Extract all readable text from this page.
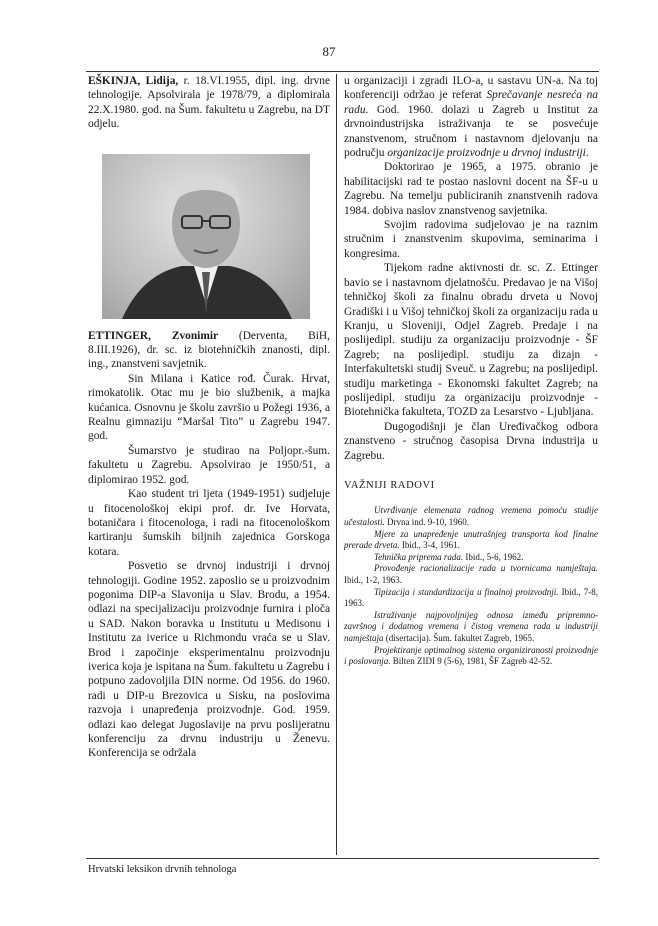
87

EŠKINJA, Lidija, r. 18.VI.1955, dipl. ing. drvne tehnologije. Apsolvirala je 1978/79, a diplomirala 22.X.1980. god. na Šum. fakultetu u Zagrebu, na DT odjelu.

ETTINGER, Zvonimir (Derventa, BiH, 8.III.1926), dr. sc. iz biotehničkih znanosti, dipl. ing., znanstveni savjetnik.

Sin Milana i Katice rođ. Čurak. Hrvat, rimokatolik. Otac mu je bio službenik, a majka kućanica. Osnovnu je školu završio u Požegi 1936, a Realnu gimnaziju “Maršal Tito” u Zagrebu 1947. god.

Šumarstvo je studirao na Poljopr.-šum. fakultetu u Zagrebu. Apsolvirao je 1950/51, a diplomirao 1952. god.

Kao student tri ljeta (1949-1951) sudjeluje u fitocenološkoj ekipi prof. dr. Ive Horvata, botaničara i fitocenologa, i radi na fitocenološkom kartiranju šumskih biljnih zajednica Gorskoga kotara.

Posvetio se drvnoj industriji i drvnoj tehnologiji. Godine 1952. zaposlio se u proizvodnim pogonima DIP-a Slavonija u Slav. Brodu, a 1954. odlazi na specijalizaciju proizvodnje furnira i ploča u SAD. Nakon boravka u Institutu u Medisonu i Institutu za iverice u Richmondu vraća se u Slav. Brod i započinje eksperimentalnu proizvodnju iverica koja je ispitana na Šum. fakultetu u Zagrebu i potpuno zadovoljila DIN norme. Od 1956. do 1960. radi u DIP-u Brezovica u Sisku, na poslovima razvoja i unapređenja proizvodnje. God. 1959. odlazi kao delegat Jugoslavije na prvu poslijeratnu konferenciju za drvnu industriju u Ženevu. Konferencija se održala

u organizaciji i zgradi ILO-a, u sastavu UN-a. Na toj konferenciji održao je referat Sprečavanje nesreća na radu. God. 1960. dolazi u Zagreb u Institut za drvnoindustrijska istraživanja te se posvećuje znanstvenom, stručnom i nastavnom djelovanju na području organizacije proizvodnje u drvnoj industriji.

Doktorirao je 1965, a 1975. obranio je habilitacijski rad te postao naslovni docent na ŠF-u u Zagrebu. Na temelju publiciranih znanstvenih radova 1984. dobiva naslov znanstvenog savjetnika.

Svojim radovima sudjelovao je na raznim stručnim i znanstvenim skupovima, seminarima i kongresima.

Tijekom radne aktivnosti dr. sc. Z. Ettinger bavio se i nastavnom djelatnošću. Predavao je na Višoj tehničkoj školi za finalnu obradu drveta u Novoj Gradiški i u Višoj tehničkoj školi za organizaciju rada u Kranju, u Sloveniji, Odjel Zagreb. Predaje i na poslijedipl. studiju za organizaciju proizvodnje - ŠF Zagreb; na poslijedipl. studiju za dizajn - Interfakultetski studij Sveuč. u Zagrebu; na poslijedipl. studiju marketinga - Ekonomski fakultet Zagreb; na poslijedipl. studiju za organizaciju proizvodnje - Biotehnička fakulteta, TOZD za Lesarstvo - Ljubljana.

Dugogodišnji je član Uređivačkog odbora znanstveno - stručnog časopisa Drvna industrija u Zagrebu.

VAŽNIJI RADOVI

Utvrđivanje elemenata radnog vremena pomoću studije učestalosti. Drvna ind. 9-10, 1960.

Mjere za unapređenje unutrašnjeg transporta kod finalne prerade drveta. Ibid., 3-4, 1961.

Tehnička priprema rada. Ibid., 5-6, 1962.

Provođenje racionalizacije rada u tvornicama namještaja. Ibid., 1-2, 1963.

Tipizacija i standardizacija u finalnoj proizvodnji. Ibid., 7-8, 1963.

Istraživanje najpovoljnijeg odnosa između pripremno-završnog i dodatnog vremena i čistog vremena rada u industriji namještaja (disertacija). Šum. fakultet Zagreb, 1965.

Projektiranje optimalnog sistema organiziranosti proizvodnje i poslovanja. Bilten ZIDI 9 (5-6), 1981, ŠF Zagreb 42-52.

Hrvatski leksikon drvnih tehnologa
